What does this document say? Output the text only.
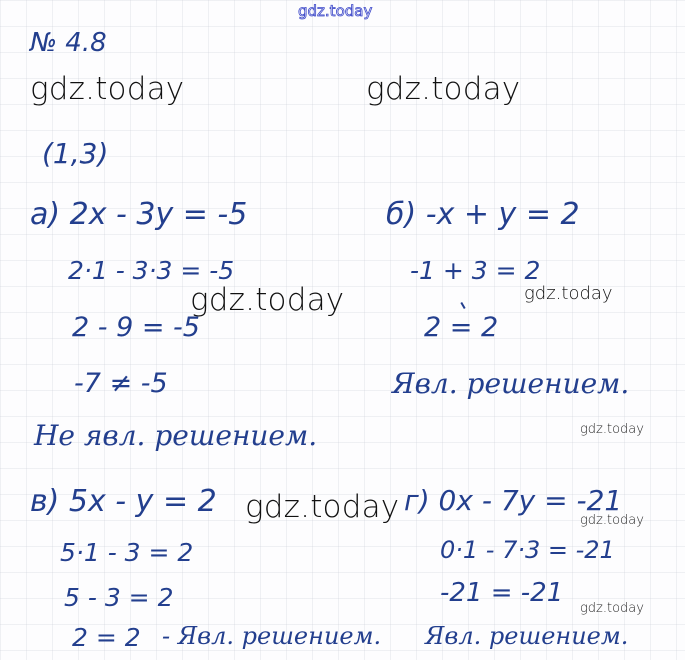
gdz.today

gdz.today	gdz.today

gdz.today

gdz.today

gdz.today

gdz.today

gdz.today

gdz.today

№ 4.8

(1,3)

а) 2x - 3y = -5

2·1 - 3·3 = -5

2 - 9 = -5

-7 ≠ -5

Не явл. решением.

б) -x + y = 2

-1 + 3 = 2

2 = 2

Явл. решением.

в) 5x - y = 2

5·1 - 3 = 2

5 - 3 = 2

2 = 2 - Явл. решением.

г) 0x - 7y = -21

0·1 - 7·3 = -21

-21 = -21

Явл. решением.
